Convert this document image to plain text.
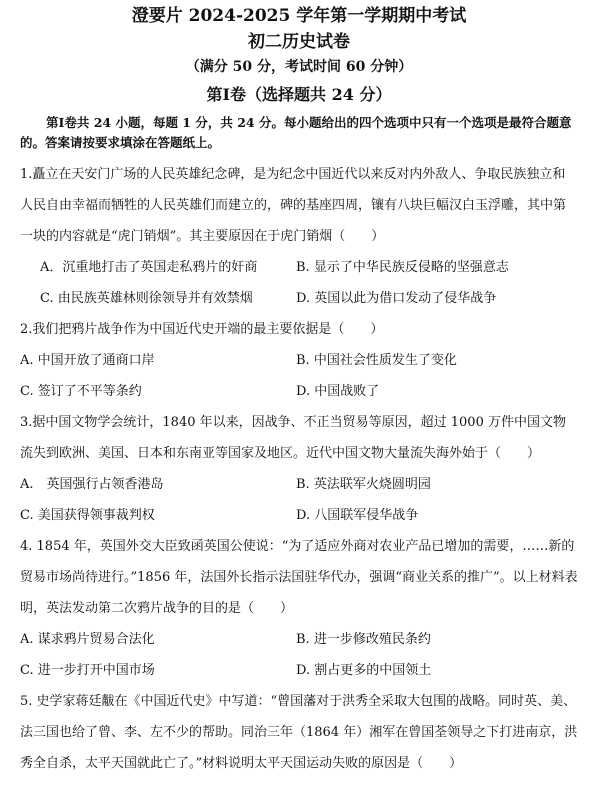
澄要片 2024-2025 学年第一学期期中考试
初二历史试卷
（满分 50 分，考试时间 60 分钟）
第Ⅰ卷（选择题共 24 分）
第Ⅰ卷共 24 小题，每题 1 分，共 24 分。每小题给出的四个选项中只有一个选项是最符合题意的。答案请按要求填涂在答题纸上。

1.矗立在天安门广场的人民英雄纪念碑，是为纪念中国近代以来反对内外敌人、争取民族独立和人民自由幸福而牺牲的人民英雄们而建立的，碑的基座四周，镶有八块巨幅汉白玉浮雕，其中第一块的内容就是“虎门销烟”。其主要原因在于虎门销烟（　　）

A．沉重地打击了英国走私鸦片的奸商	B. 显示了中华民族反侵略的坚强意志
C. 由民族英雄林则徐领导并有效禁烟	D. 英国以此为借口发动了侵华战争

2.我们把鸦片战争作为中国近代史开端的最主要依据是（　　）

A. 中国开放了通商口岸	B. 中国社会性质发生了变化
C. 签订了不平等条约	D. 中国战败了

3.据中国文物学会统计，1840 年以来，因战争、不正当贸易等原因，超过 1000 万件中国文物流失到欧洲、美国、日本和东南亚等国家及地区。近代中国文物大量流失海外始于（　　）

A.　英国强行占领香港岛	B. 英法联军火烧圆明园
C. 美国获得领事裁判权	D. 八国联军侵华战争

4. 1854 年，英国外交大臣致函英国公使说：“为了适应外商对农业产品已增加的需要，……新的贸易市场尚待进行。”1856 年，法国外长指示法国驻华代办，强调“商业关系的推广”。以上材料表明，英法发动第二次鸦片战争的目的是（　　）

A. 谋求鸦片贸易合法化	B. 进一步修改殖民条约
C. 进一步打开中国市场	D. 割占更多的中国领土

5. 史学家蒋廷黻在《中国近代史》中写道：“曾国藩对于洪秀全采取大包围的战略。同时英、美、法三国也给了曾、李、左不少的帮助。同治三年（1864 年）湘军在曾国荃领导之下打进南京，洪秀全自杀，太平天国就此亡了。”材料说明太平天国运动失败的原因是（　　）
